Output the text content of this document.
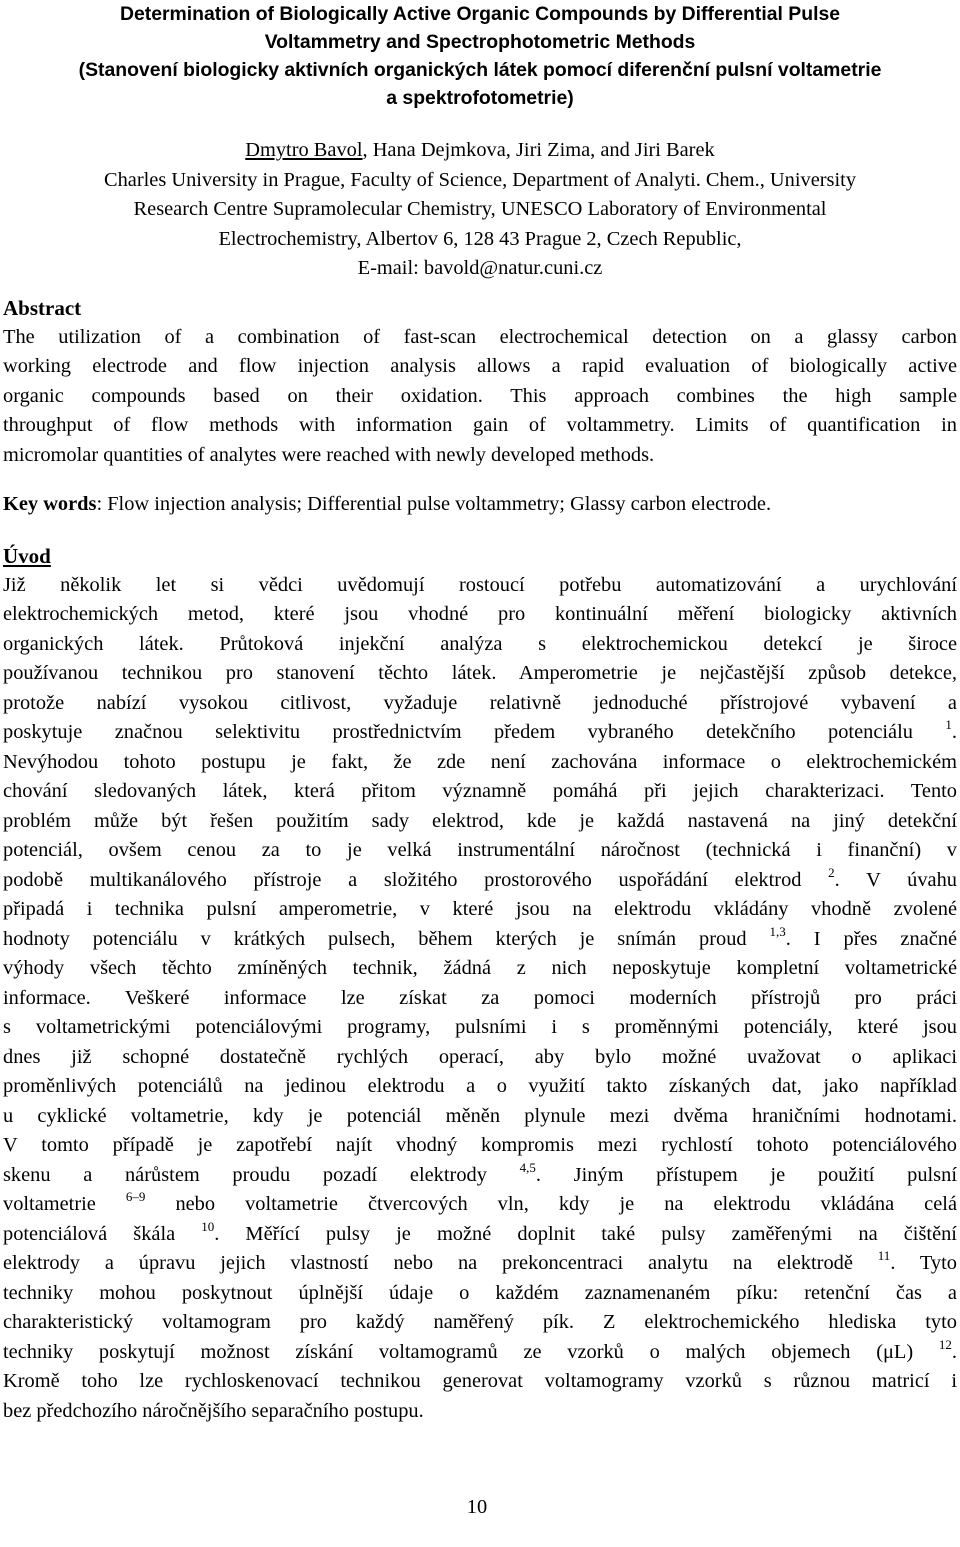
Determination of Biologically Active Organic Compounds by Differential Pulse
Voltammetry and Spectrophotometric Methods
(Stanovení biologicky aktivních organických látek pomocí diferenční pulsní voltametrie
a spektrofotometrie)
Dmytro Bavol, Hana Dejmkova, Jiri Zima, and Jiri Barek
Charles University in Prague, Faculty of Science, Department of Analyti. Chem., University
Research Centre Supramolecular Chemistry, UNESCO Laboratory of Environmental
Electrochemistry, Albertov 6, 128 43 Prague 2, Czech Republic,
E-mail: bavold@natur.cuni.cz
Abstract
The utilization of a combination of fast-scan electrochemical detection on a glassy carbon
working electrode and flow injection analysis allows a rapid evaluation of biologically active
organic compounds based on their oxidation. This approach combines the high sample
throughput of flow methods with information gain of voltammetry. Limits of quantification in
micromolar quantities of analytes were reached with newly developed methods.
Key words: Flow injection analysis; Differential pulse voltammetry; Glassy carbon electrode.
Úvod
Již několik let si vědci uvědomují rostoucí potřebu automatizování a urychlování
elektrochemických metod, které jsou vhodné pro kontinuální měření biologicky aktivních
organických látek. Průtoková injekční analýza s elektrochemickou detekcí je široce
používanou technikou pro stanovení těchto látek. Amperometrie je nejčastější způsob detekce,
protože nabízí vysokou citlivost, vyžaduje relativně jednoduché přístrojové vybavení a
poskytuje značnou selektivitu prostřednictvím předem vybraného detekčního potenciálu $^1$.
Nevýhodou tohoto postupu je fakt, že zde není zachována informace o elektrochemickém
chování sledovaných látek, která přitom významně pomáhá při jejich charakterizaci. Tento
problém může být řešen použitím sady elektrod, kde je každá nastavená na jiný detekční
potenciál, ovšem cenou za to je velká instrumentální náročnost (technická i finanční) v
podobě multikanálového přístroje a složitého prostorového uspořádání elektrod $^2$. V úvahu
připadá i technika pulsní amperometrie, v které jsou na elektrodu vkládány vhodně zvolené
hodnoty potenciálu v krátkých pulsech, během kterých je snímán proud $^{1,3}$. I přes značné
výhody všech těchto zmíněných technik, žádná z nich neposkytuje kompletní voltametrické
informace. Veškeré informace lze získat za pomoci moderních přístrojů pro práci
s voltametrickými potenciálovými programy, pulsními i s proměnnými potenciály, které jsou
dnes již schopné dostatečně rychlých operací, aby bylo možné uvažovat o aplikaci
proměnlivých potenciálů na jedinou elektrodu a o využití takto získaných dat, jako například
u cyklické voltametrie, kdy je potenciál měněn plynule mezi dvěma hraničními hodnotami.
V tomto případě je zapotřebí najít vhodný kompromis mezi rychlostí tohoto potenciálového
skenu a nárůstem proudu pozadí elektrody	$^{4,5}$. Jiným přístupem je použití pulsní
voltametrie $^{6-9}$ nebo voltametrie čtvercových vln, kdy je na elektrodu vkládána celá
potenciálová škála $^{10}$. Měřící pulsy je možné doplnit také pulsy zaměřenými na čištění
elektrody a úpravu jejich vlastností nebo na prekoncentraci analytu na elektrodě $^{11}$. Tyto
techniky mohou poskytnout úplnější údaje o každém zaznamenaném píku: retenční čas a
charakteristický voltamogram pro každý naměřený pík. Z elektrochemického hlediska tyto
techniky poskytují možnost získání voltamogramů ze vzorků o malých objemech (μL) $^{12}$.
Kromě toho lze rychloskenovací technikou generovat voltamogramy vzorků s různou matricí i
bez předchozího náročnějšího separačního postupu.
10
